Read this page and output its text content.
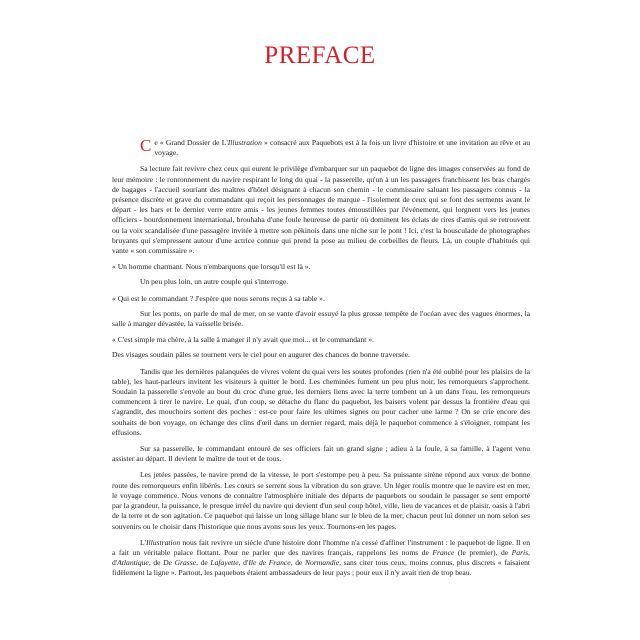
PREFACE

Ce « Grand Dossier de L'Illustration » consacré aux Paquebots est à la fois un livre d'histoire et une invitation au rêve et au voyage.

Sa lecture fait revivre chez ceux qui eurent le privilège d'embarquer sur un paquebot de ligne des images conservées au fond de leur mémoire : le ronronnement du navire respirant le long du quai - la passerelle, qu'un à un les passagers franchissent les bras chargés de bagages - l'accueil souriant des maîtres d'hôtel désignant à chacun son chemin - le commissaire saluant les passagers connus - la présence discrète et grave du commandant qui reçoit les personnages de marque - l'isolement de ceux qui se font des serments avant le départ - les bars et le dernier verre entre amis - les jeunes femmes toutes émoustillées par l'événement, qui lorgnent vers les jeunes officiers - bourdonnement international, brouhaha d'une foule heureuse de partir où dominent les éclats de rires d'amis qui se retrouvent ou la voix scandalisée d'une passagère invitée à mettre son pékinois dans une niche sur le pont ! Ici, c'est la bousculade de photographes bruyants qui s'empressent autour d'une actrice connue qui prend la pose au milieu de corbeilles de fleurs. Là, un couple d'habitués qui vante « son commissaire ».

« Un homme charmant. Nous n'embarquons que lorsqu'il est là ».

Un peu plus loin, un autre couple qui s'interroge.

« Qui est le commandant ? J'espère que nous serons reçus à sa table ».

Sur les ponts, on parle de mal de mer, on se vante d'avoir essuyé la plus grosse tempête de l'océan avec des vagues énormes, la salle à manger dévastée, la vaisselle brisée.

« C'est simple ma chère, à la salle à manger il n'y avait que moi... et le commandant ».

Des visages soudain pâles se tournent vers le ciel pour en augurer des chances de bonne traversée.

Tandis que les dernières palanquées de vivres volent du quai vers les soutes profondes (rien n'a été oublié pour les plaisirs de la table), les haut-parleurs invitent les visiteurs à quitter le bord. Les cheminées fument un peu plus noir, les remorqueurs s'approchent. Soudain la passerelle s'envole au bout du croc d'une grue, les derniers liens avec la terre tombent un à un dans l'eau, les remorqueurs commencent à tirer le navire. Le quai, d'un coup, se détache du flanc du paquebot, les baisers volent par dessus la frontière d'eau qui s'agrandit, des mouchoirs sortent des poches : est-ce pour faire les ultimes signes ou pour cacher une larme ? On se crie encore des souhaits de bon voyage, on échange des clins d'œil dans un dernier regard, mais déjà le paquebot commence à s'éloigner, rompant les effusions.

Sur sa passerelle, le commandant entouré de ses officiers fait un grand signe ; adieu à la foule, à sa famille, à l'agent venu assister au départ. Il devient le maître de tout et de tous.

Les jetées passées, le navire prend de la vitesse, le port s'estompe peu à peu. Sa puissante sirène répond aux vœux de bonne route des remorqueurs enfin libérés. Les cœurs se serrent sous la vibration du son grave. Un léger roulis montre que le navire est en mer, le voyage commence. Nous venons de connaître l'atmosphère initiale des départs de paquebots ou soudain le passager se sent emporté par la grandeur, la puissance, le presque irréel du navire qui devient d'un seul coup hôtel, ville, lieu de vacances et de plaisir, oasis à l'abri de la terre et de son agitation. Ce paquebot qui laisse un long sillage blanc sur le bleu de la mer, chacun peut lui donner un nom selon ses souvenirs ou le choisir dans l'historique que nous avons sous les yeux. Tournons-en les pages.

L'Illustration nous fait revivre un siècle d'une histoire dont l'homme n'a cessé d'affiner l'instrument : le paquebot de ligne. Il en a fait un véritable palace flottant. Pour ne parler que des navires français, rappelons les noms de France (le premier), de Paris, d'Atlantique, de De Grasse, de Lafayette, d'Ile de France, de Normandie, sans citer tous ceux, moins connus, plus discrets « faisaient fidèlement la ligne ». Partout, les paquebots étaient ambassadeurs de leur pays ; pour eux il n'y avait rien de trop beau.
